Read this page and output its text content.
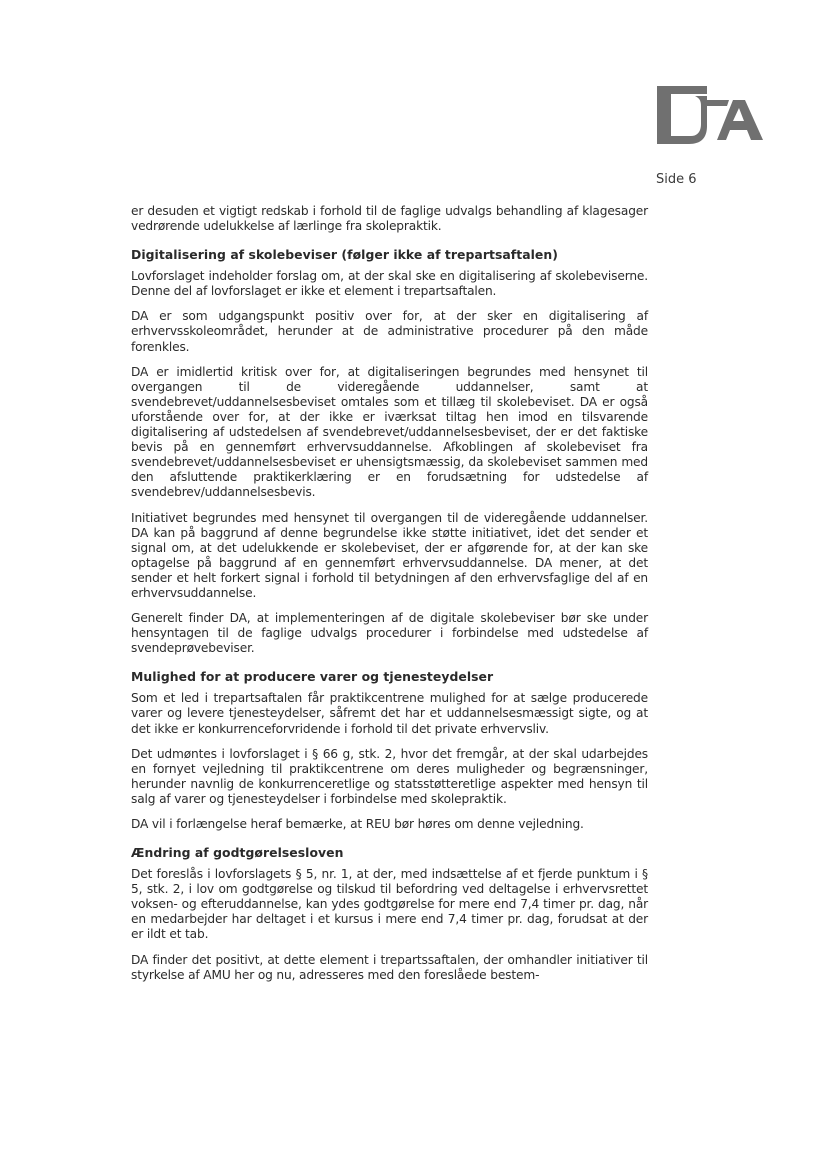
Side 6

er desuden et vigtigt redskab i forhold til de faglige udvalgs behandling af klagesager vedrørende udelukkelse af lærlinge fra skolepraktik.

Digitalisering af skolebeviser (følger ikke af trepartsaftalen)

Lovforslaget indeholder forslag om, at der skal ske en digitalisering af skolebeviserne. Denne del af lovforslaget er ikke et element i trepartsaftalen.

DA er som udgangspunkt positiv over for, at der sker en digitalisering af erhvervsskoleområdet, herunder at de administrative procedurer på den måde forenkles.

DA er imidlertid kritisk over for, at digitaliseringen begrundes med hensynet til overgangen til de videregående uddannelser, samt at svendebrevet/uddannelsesbeviset omtales som et tillæg til skolebeviset. DA er også uforstående over for, at der ikke er iværksat tiltag hen imod en tilsvarende digitalisering af udstedelsen af svendebrevet/uddannelsesbeviset, der er det faktiske bevis på en gennemført erhvervsuddannelse. Afkoblingen af skolebeviset fra svendebrevet/uddannelsesbeviset er uhensigtsmæssig, da skolebeviset sammen med den afsluttende praktikerklæring er en forudsætning for udstedelse af svendebrev/uddannelsesbevis.

Initiativet begrundes med hensynet til overgangen til de videregående uddannelser. DA kan på baggrund af denne begrundelse ikke støtte initiativet, idet det sender et signal om, at det udelukkende er skolebeviset, der er afgørende for, at der kan ske optagelse på baggrund af en gennemført erhvervsuddannelse. DA mener, at det sender et helt forkert signal i forhold til betydningen af den erhvervsfaglige del af en erhvervsuddannelse.

Generelt finder DA, at implementeringen af de digitale skolebeviser bør ske under hensyntagen til de faglige udvalgs procedurer i forbindelse med udstedelse af svendeprøvebeviser.

Mulighed for at producere varer og tjenesteydelser

Som et led i trepartsaftalen får praktikcentrene mulighed for at sælge producerede varer og levere tjenesteydelser, såfremt det har et uddannelsesmæssigt sigte, og at det ikke er konkurrenceforvridende i forhold til det private erhvervsliv.

Det udmøntes i lovforslaget i § 66 g, stk. 2, hvor det fremgår, at der skal udarbejdes en fornyet vejledning til praktikcentrene om deres muligheder og begrænsninger, herunder navnlig de konkurrenceretlige og statsstøtteretlige aspekter med hensyn til salg af varer og tjenesteydelser i forbindelse med skolepraktik.

DA vil i forlængelse heraf bemærke, at REU bør høres om denne vejledning.

Ændring af godtgørelsesloven

Det foreslås i lovforslagets § 5, nr. 1, at der, med indsættelse af et fjerde punktum i § 5, stk. 2, i lov om godtgørelse og tilskud til befordring ved deltagelse i erhvervsrettet voksen- og efteruddannelse, kan ydes godtgørelse for mere end 7,4 timer pr. dag, når en medarbejder har deltaget i et kursus i mere end 7,4 timer pr. dag, forudsat at der er ildt et tab.

DA finder det positivt, at dette element i trepartssaftalen, der omhandler initiativer til styrkelse af AMU her og nu, adresseres med den foreslåede bestem-
